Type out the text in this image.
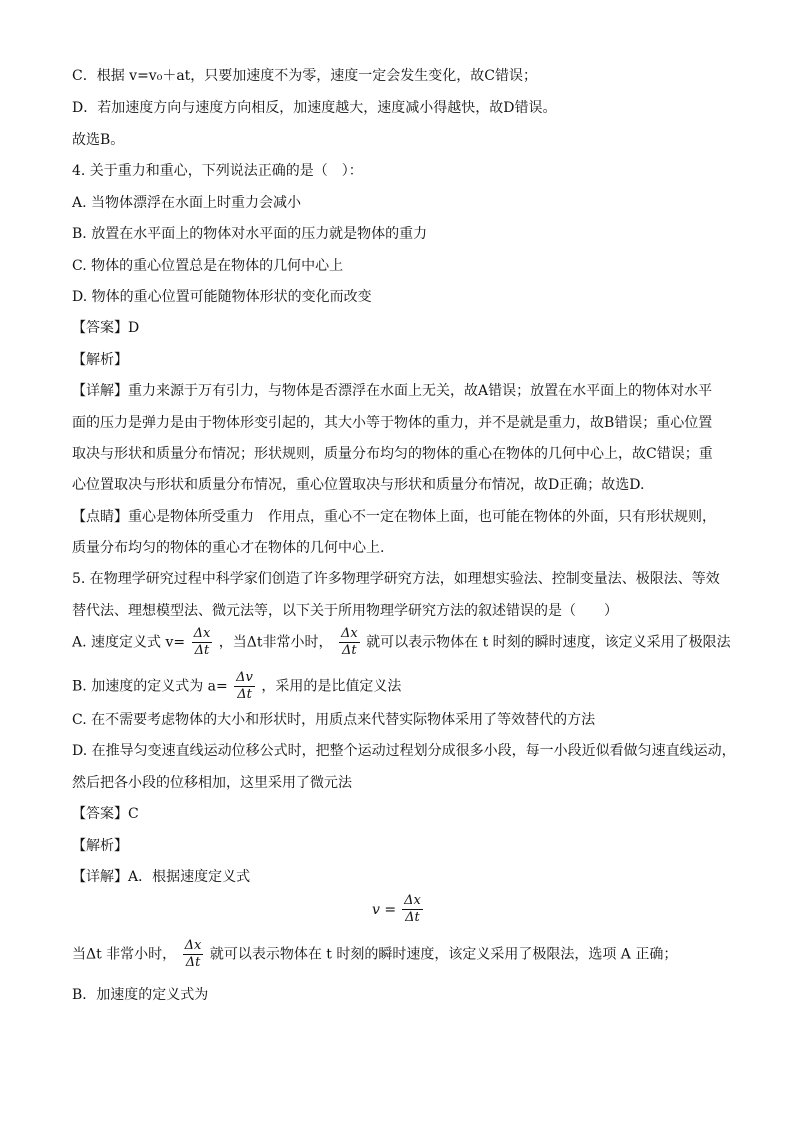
C．根据 v=v₀＋at，只要加速度不为零，速度一定会发生变化，故C错误；
D．若加速度方向与速度方向相反，加速度越大，速度减小得越快，故D错误。
故选B。
4. 关于重力和重心，下列说法正确的是（　）：
A. 当物体漂浮在水面上时重力会减小
B. 放置在水平面上的物体对水平面的压力就是物体的重力
C. 物体的重心位置总是在物体的几何中心上
D. 物体的重心位置可能随物体形状的变化而改变
【答案】D
【解析】
【详解】重力来源于万有引力，与物体是否漂浮在水面上无关，故A错误；放置在水平面上的物体对水平
面的压力是弹力是由于物体形变引起的，其大小等于物体的重力，并不是就是重力，故B错误；重心位置
取决与形状和质量分布情况；形状规则，质量分布均匀的物体的重心在物体的几何中心上，故C错误；重
心位置取决与形状和质量分布情况，重心位置取决与形状和质量分布情况，故D正确；故选D.
【点睛】重心是物体所受重力　作用点，重心不一定在物体上面，也可能在物体的外面，只有形状规则，
质量分布均匀的物体的重心才在物体的几何中心上.
5. 在物理学研究过程中科学家们创造了许多物理学研究方法，如理想实验法、控制变量法、极限法、等效
替代法、理想模型法、微元法等，以下关于所用物理学研究方法的叙述错误的是（　　）
A. 速度定义式 $v= \frac{\Delta x}{\Delta t}$ ，当Δt非常小时， $\frac{\Delta x}{\Delta t}$ 就可以表示物体在 t 时刻的瞬时速度，该定义采用了极限法
B. 加速度的定义式为 $a= \frac{\Delta v}{\Delta t}$ ，采用的是比值定义法
C. 在不需要考虑物体的大小和形状时，用质点来代替实际物体采用了等效替代的方法
D. 在推导匀变速直线运动位移公式时，把整个运动过程划分成很多小段，每一小段近似看做匀速直线运动，
然后把各小段的位移相加，这里采用了微元法
【答案】C
【解析】
【详解】A．根据速度定义式
$v = \frac{\Delta x}{\Delta t}$
当Δt 非常小时， $\frac{\Delta x}{\Delta t}$ 就可以表示物体在 t 时刻的瞬时速度，该定义采用了极限法，选项 A 正确；
B．加速度的定义式为
